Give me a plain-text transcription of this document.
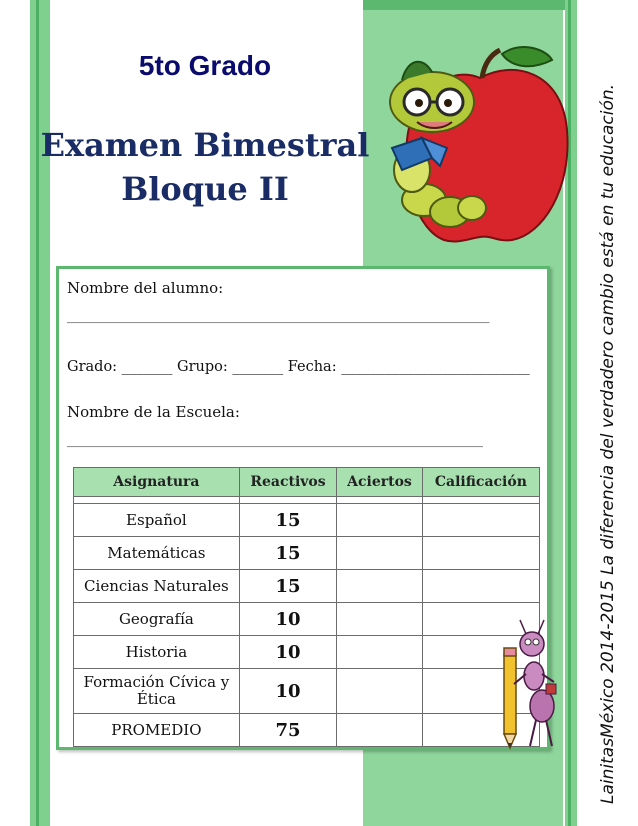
5to Grado
Examen Bimestral
Bloque II	LainitasMéxico 2014-2015 La diferencia del verdadero cambio está en tu educación.
Nombre del alumno:
_________________________________________________________________
Grado: _______ Grupo: _______ Fecha: __________________________
Nombre de la Escuela:
________________________________________________________________
Asignatura	Reactivos	Aciertos	Calificación

Español	15		
Matemáticas	15		
Ciencias Naturales	15		
Geografía	10		
Historia	10		
Formación Cívica y Ética	10		
PROMEDIO	75		
